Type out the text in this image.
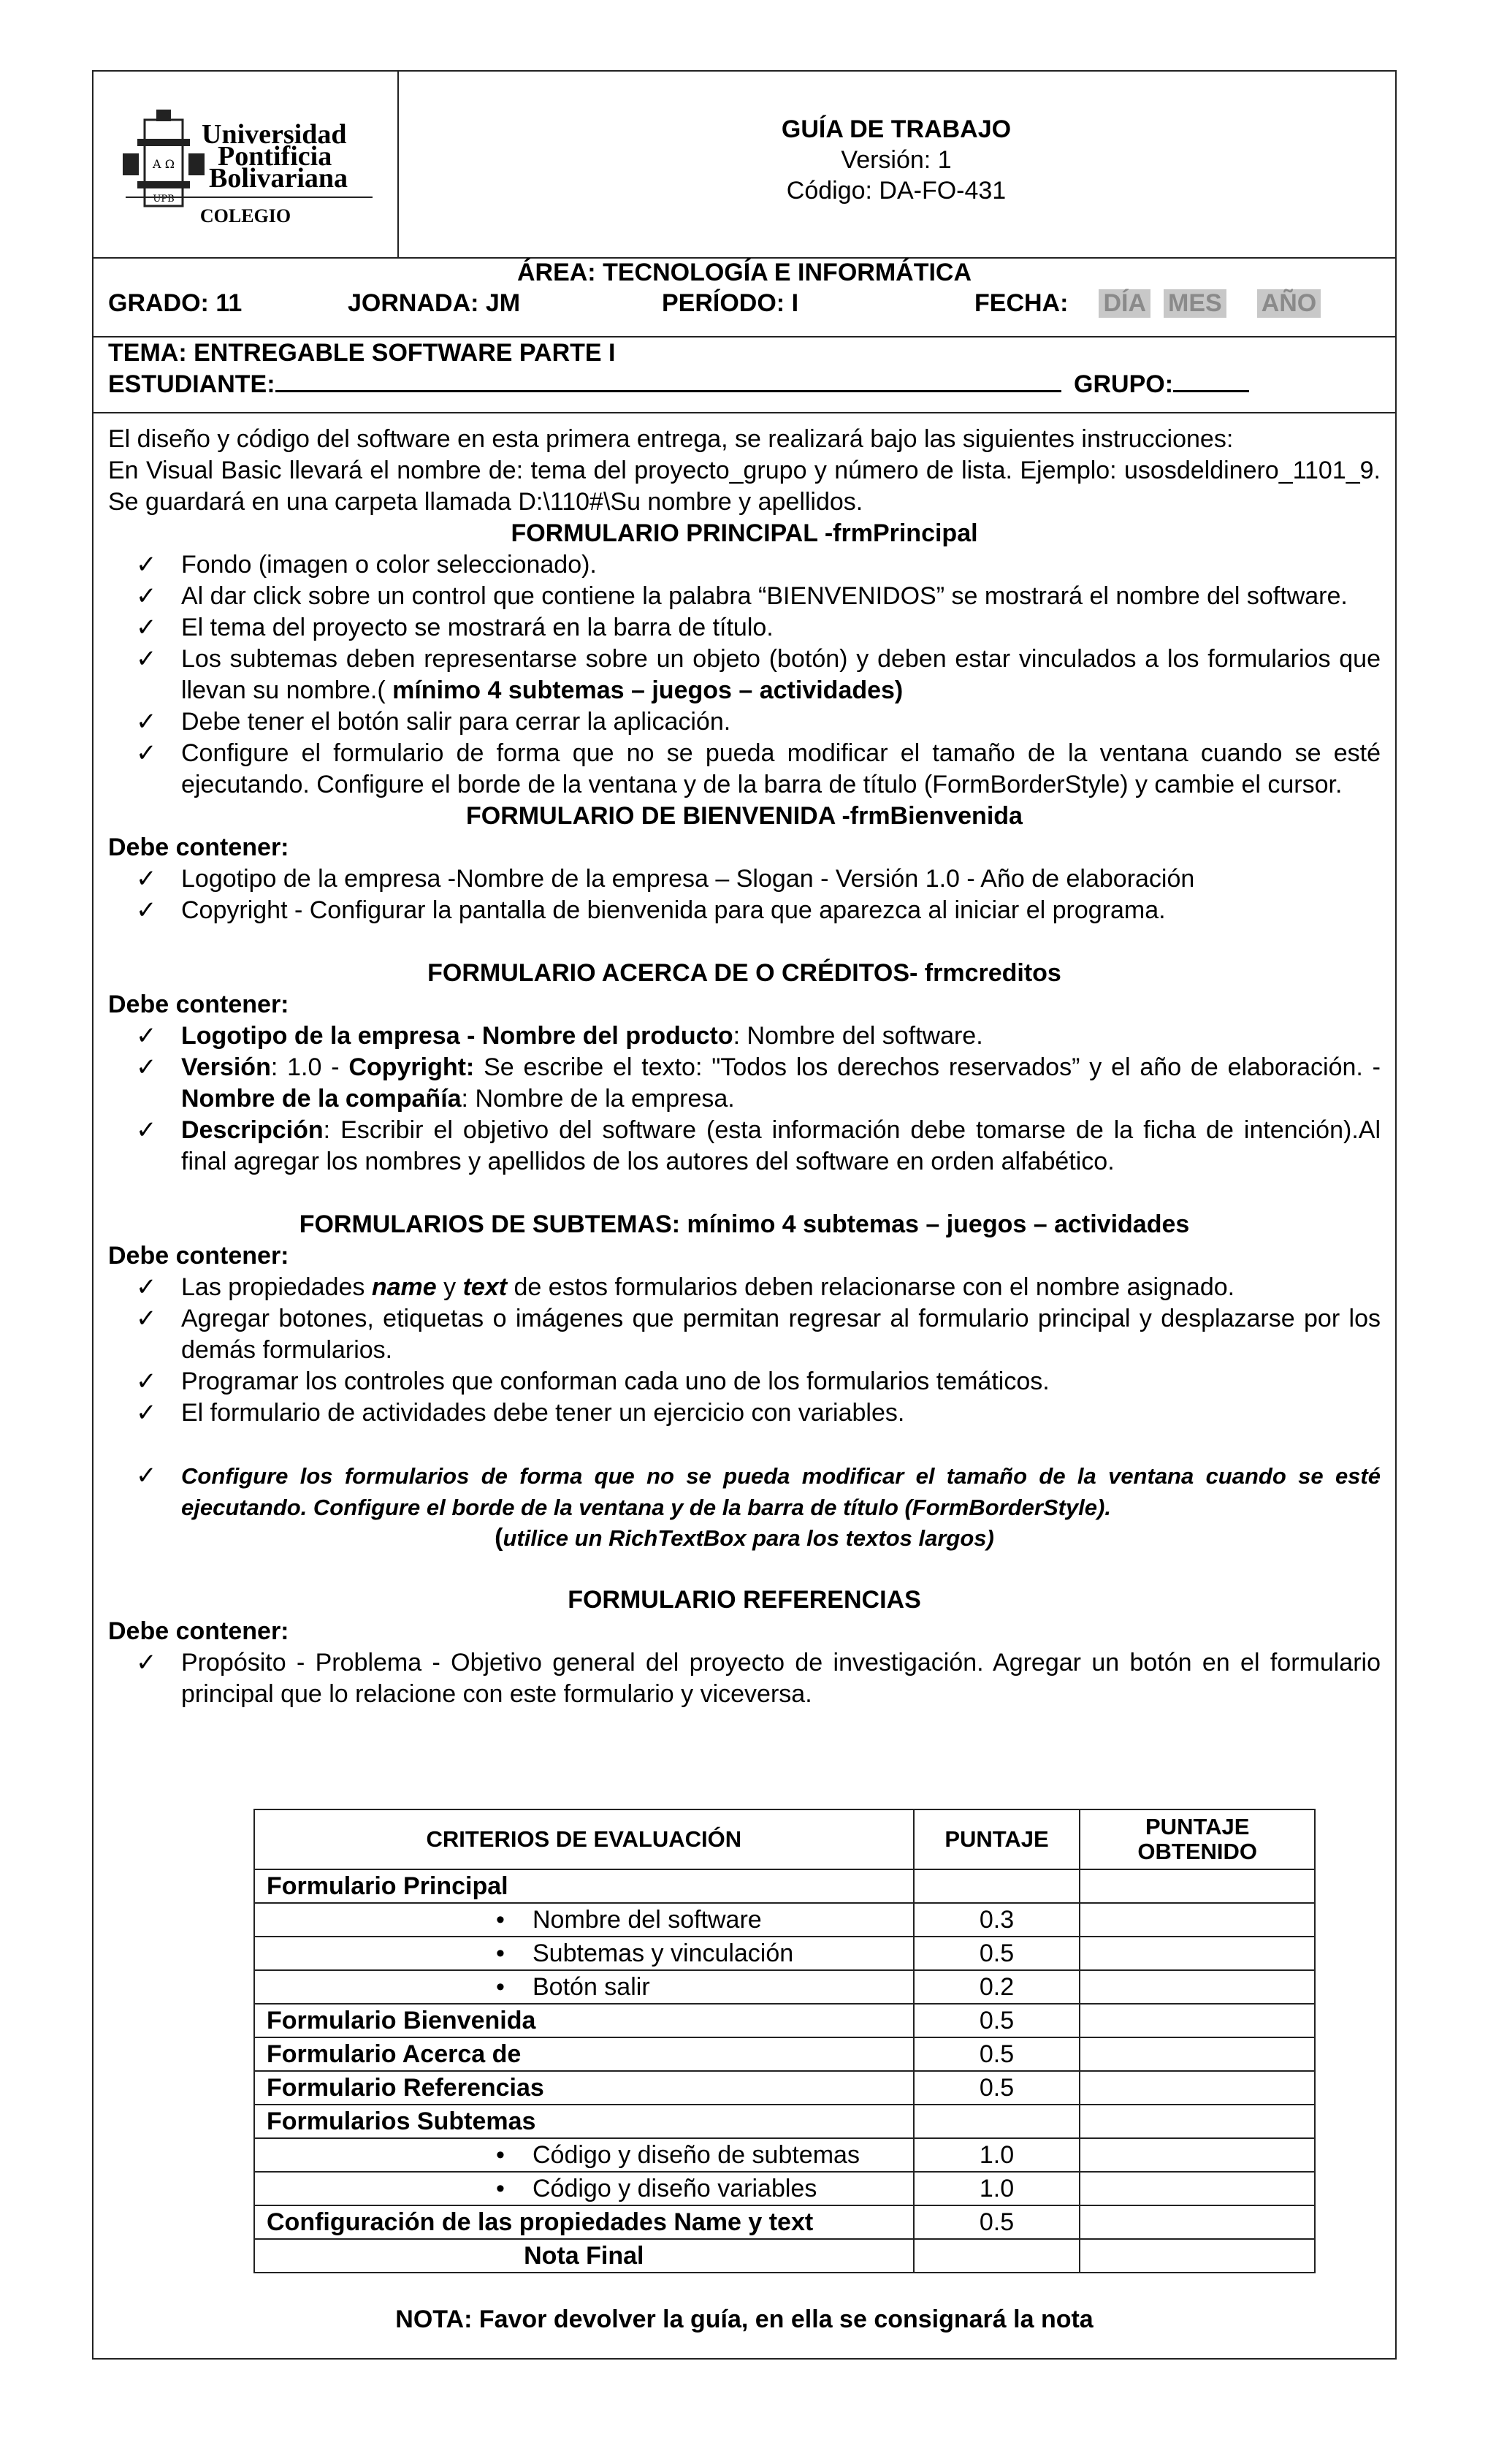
A Ω
UPB
Universidad
Pontificia
Bolivariana
COLEGIO
GUÍA DE TRABAJO
Versión: 1
Código: DA-FO-431
ÁREA: TECNOLOGÍA E INFORMÁTICA
GRADO: 11	JORNADA: JM	PERÍODO: I	FECHA: DÍA MES AÑO
TEMA: ENTREGABLE SOFTWARE PARTE I
ESTUDIANTE:	GRUPO:

El diseño y código del software en esta primera entrega, se realizará bajo las siguientes instrucciones:

En Visual Basic llevará el nombre de: tema del proyecto_grupo y número de lista. Ejemplo: usosdeldinero_1101_9. Se guardará en una carpeta llamada D:\110#\Su nombre y apellidos.

FORMULARIO PRINCIPAL -frmPrincipal

✓ Fondo (imagen o color seleccionado).
✓ Al dar click sobre un control que contiene la palabra “BIENVENIDOS” se mostrará el nombre del software.
✓ El tema del proyecto se mostrará en la barra de título.
✓ Los subtemas deben representarse sobre un objeto (botón) y deben estar vinculados a los formularios que llevan su nombre.( mínimo 4 subtemas – juegos – actividades)
✓ Debe tener el botón salir para cerrar la aplicación.
✓ Configure el formulario de forma que no se pueda modificar el tamaño de la ventana cuando se esté ejecutando. Configure el borde de la ventana y de la barra de título (FormBorderStyle) y cambie el cursor.

FORMULARIO DE BIENVENIDA -frmBienvenida

Debe contener:

✓ Logotipo de la empresa -Nombre de la empresa – Slogan - Versión 1.0 - Año de elaboración
✓ Copyright - Configurar la pantalla de bienvenida para que aparezca al iniciar el programa.

FORMULARIO ACERCA DE O CRÉDITOS- frmcreditos

Debe contener:

✓ Logotipo de la empresa - Nombre del producto: Nombre del software.
✓ Versión: 1.0 - Copyright: Se escribe el texto: "Todos los derechos reservados” y el año de elaboración. - Nombre de la compañía: Nombre de la empresa.
✓ Descripción: Escribir el objetivo del software (esta información debe tomarse de la ficha de intención).Al final agregar los nombres y apellidos de los autores del software en orden alfabético.

FORMULARIOS DE SUBTEMAS: mínimo 4 subtemas – juegos – actividades

Debe contener:

✓ Las propiedades name y text de estos formularios deben relacionarse con el nombre asignado.
✓ Agregar botones, etiquetas o imágenes que permitan regresar al formulario principal y desplazarse por los demás formularios.
✓ Programar los controles que conforman cada uno de los formularios temáticos.
✓ El formulario de actividades debe tener un ejercicio con variables.
✓ Configure los formularios de forma que no se pueda modificar el tamaño de la ventana cuando se esté ejecutando. Configure el borde de la ventana y de la barra de título (FormBorderStyle).

(utilice un RichTextBox para los textos largos)

FORMULARIO REFERENCIAS

Debe contener:

✓ Propósito - Problema - Objetivo general del proyecto de investigación. Agregar un botón en el formulario principal que lo relacione con este formulario y viceversa.
CRITERIOS DE EVALUACIÓN	PUNTAJE	PUNTAJE OBTENIDO
Formulario Principal		
• Nombre del software	0.3	
• Subtemas y vinculación	0.5	
• Botón salir	0.2	
Formulario Bienvenida	0.5	
Formulario Acerca de	0.5	
Formulario Referencias	0.5	
Formularios Subtemas		
• Código y diseño de subtemas	1.0	
• Código y diseño variables	1.0	
Configuración de las propiedades Name y text	0.5	
Nota Final		
NOTA: Favor devolver la guía, en ella se consignará la nota
